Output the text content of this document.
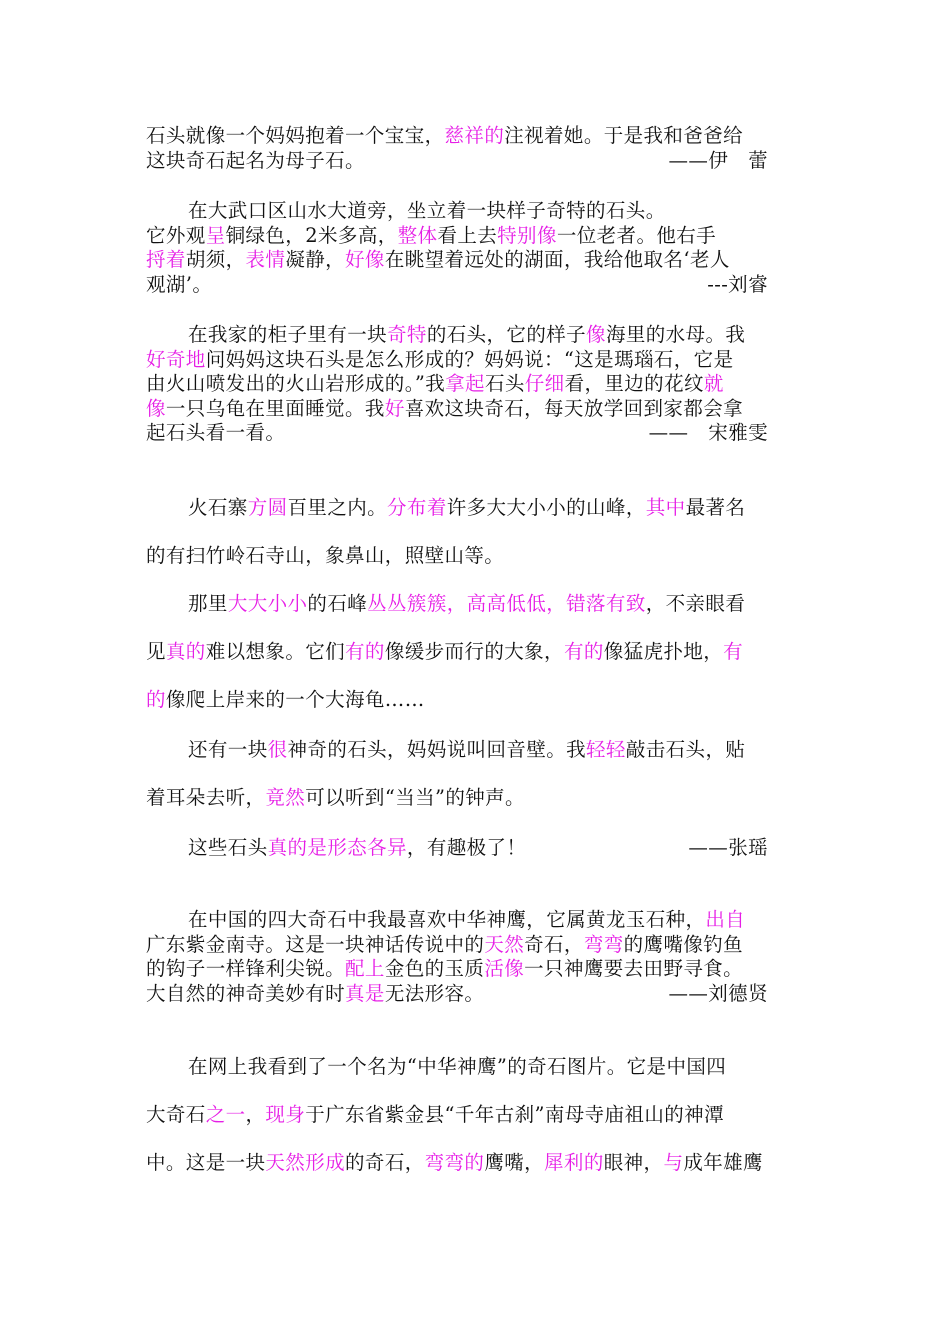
石头就像一个妈妈抱着一个宝宝，慈祥的注视着她。于是我和爸爸给
这块奇石起名为母子石。	——伊　蕾
在大武口区山水大道旁，坐立着一块样子奇特的石头。
它外观呈铜绿色，2米多高，整体看上去特别像一位老者。他右手
捋着胡须，表情凝静，好像在眺望着远处的湖面，我给他取名‘老人
观湖’。	---刘睿
在我家的柜子里有一块奇特的石头，它的样子像海里的水母。我
好奇地问妈妈这块石头是怎么形成的？妈妈说：“这是瑪瑙石，它是
由火山喷发出的火山岩形成的。”我拿起石头仔细看，里边的花纹就
像一只乌龟在里面睡觉。我好喜欢这块奇石，每天放学回到家都会拿
起石头看一看。	——　宋雅雯
火石寨方圆百里之内。分布着许多大大小小的山峰，其中最著名
的有扫竹岭石寺山，象鼻山，照壁山等。
那里大大小小的石峰丛丛簇簇，高高低低，错落有致，不亲眼看
见真的难以想象。它们有的像缓步而行的大象，有的像猛虎扑地，有
的像爬上岸来的一个大海龟……
还有一块很神奇的石头，妈妈说叫回音壁。我轻轻敲击石头，贴
着耳朵去听，竟然可以听到“当当”的钟声。
这些石头真的是形态各异，有趣极了！	——张瑶
在中国的四大奇石中我最喜欢中华神鹰，它属黄龙玉石种，出自
广东紫金南寺。这是一块神话传说中的天然奇石，弯弯的鹰嘴像钓鱼
的钩子一样锋利尖锐。配上金色的玉质活像一只神鹰要去田野寻食。
大自然的神奇美妙有时真是无法形容。	——刘德贤
在网上我看到了一个名为“中华神鹰”的奇石图片。它是中国四
大奇石之一，现身于广东省紫金县“千年古刹”南母寺庙祖山的神潭
中。这是一块天然形成的奇石，弯弯的鹰嘴，犀利的眼神，与成年雄鹰
